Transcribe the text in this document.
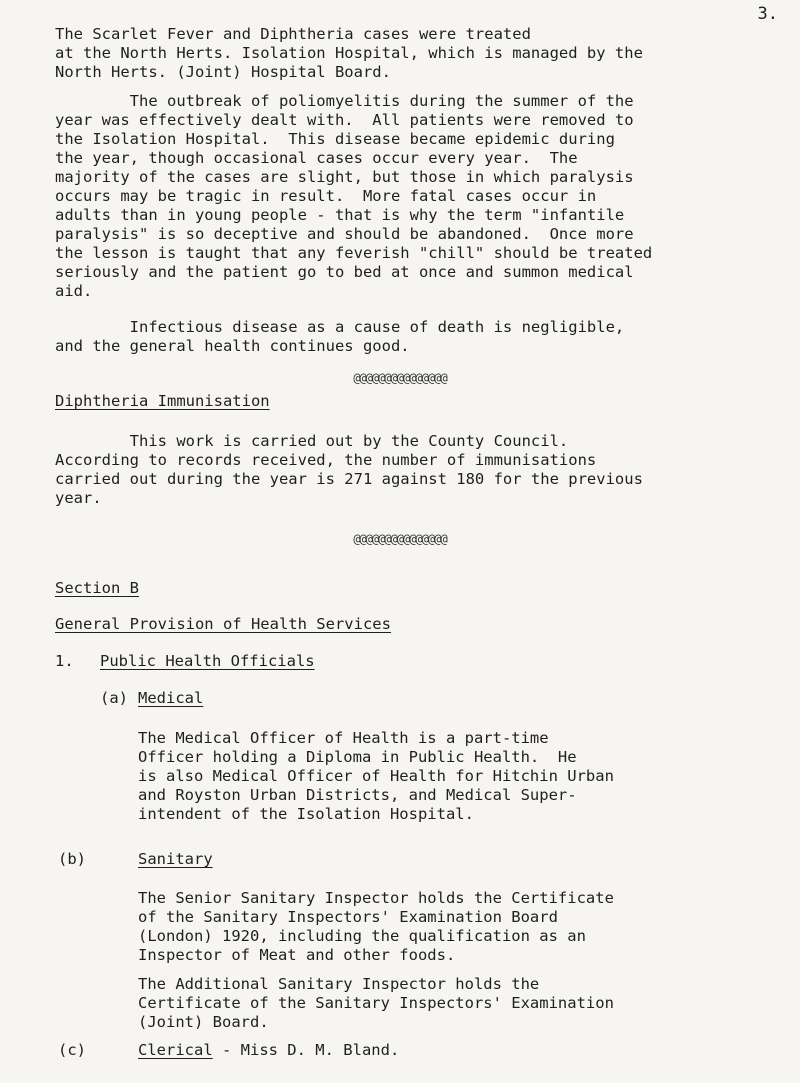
3.
The Scarlet Fever and Diphtheria cases were treated
at the North Herts. Isolation Hospital, which is managed by the
North Herts. (Joint) Hospital Board.
The outbreak of poliomyelitis during the summer of the
year was effectively dealt with.  All patients were removed to
the Isolation Hospital.  This disease became epidemic during
the year, though occasional cases occur every year.  The
majority of the cases are slight, but those in which paralysis
occurs may be tragic in result.  More fatal cases occur in
adults than in young people - that is why the term "infantile
paralysis" is so deceptive and should be abandoned.  Once more
the lesson is taught that any feverish "chill" should be treated
seriously and the patient go to bed at once and summon medical
aid.
Infectious disease as a cause of death is negligible,
and the general health continues good.
@@@@@@@@@@@@@@@
Diphtheria Immunisation
This work is carried out by the County Council.
According to records received, the number of immunisations
carried out during the year is 271 against 180 for the previous
year.
@@@@@@@@@@@@@@@
Section B
General Provision of Health Services
1.	Public Health Officials
(a) Medical
The Medical Officer of Health is a part-time
Officer holding a Diploma in Public Health.  He
is also Medical Officer of Health for Hitchin Urban
and Royston Urban Districts, and Medical Super-
intendent of the Isolation Hospital.
(b)	Sanitary
The Senior Sanitary Inspector holds the Certificate
of the Sanitary Inspectors' Examination Board
(London) 1920, including the qualification as an
Inspector of Meat and other foods.
The Additional Sanitary Inspector holds the
Certificate of the Sanitary Inspectors' Examination
(Joint) Board.
(c)	Clerical - Miss D. M. Bland.
